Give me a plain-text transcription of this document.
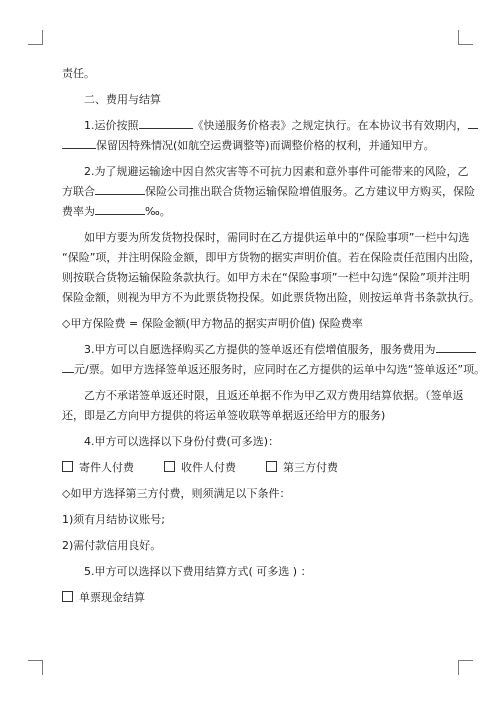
责任。
二、费用与结算
1.运价按照	《快递服务价格表》之规定执行。在本协议书有效期内，
保留因特殊情况(如航空运费调整等)而调整价格的权利，并通知甲方。
2.为了规避运输途中因自然灾害等不可抗力因素和意外事件可能带来的风险，乙
方联合	保险公司推出联合货物运输保险增值服务。乙方建议甲方购买，保险
费率为	‰。
如甲方要为所发货物投保时，需同时在乙方提供运单中的“保险事项”一栏中勾选
“保险”项，并注明保险金额，即甲方货物的据实声明价值。若在保险责任范围内出险，
则按联合货物运输保险条款执行。如甲方未在“保险事项”一栏中勾选“保险”项并注明
保险金额，则视为甲方不为此票货物投保。如此票货物出险，则按运单背书条款执行。
◇甲方保险费 = 保险金额(甲方物品的据实声明价值) 保险费率
3.甲方可以自愿选择购买乙方提供的签单返还有偿增值服务，服务费用为
元/票。如甲方选择签单返还服务时，应同时在乙方提供的运单中勾选“签单返还”项。
乙方不承诺签单返还时限，且返还单据不作为甲乙双方费用结算依据。（签单返
还，即是乙方向甲方提供的将运单签收联等单据返还给甲方的服务)
4.甲方可以选择以下身份付费(可多选)：
寄件人付费	收件人付费	第三方付费
◇如甲方选择第三方付费，则须满足以下条件：
1)须有月结协议账号;
2)需付款信用良好。
5.甲方可以选择以下费用结算方式( 可多选 ) ：
单票现金结算
